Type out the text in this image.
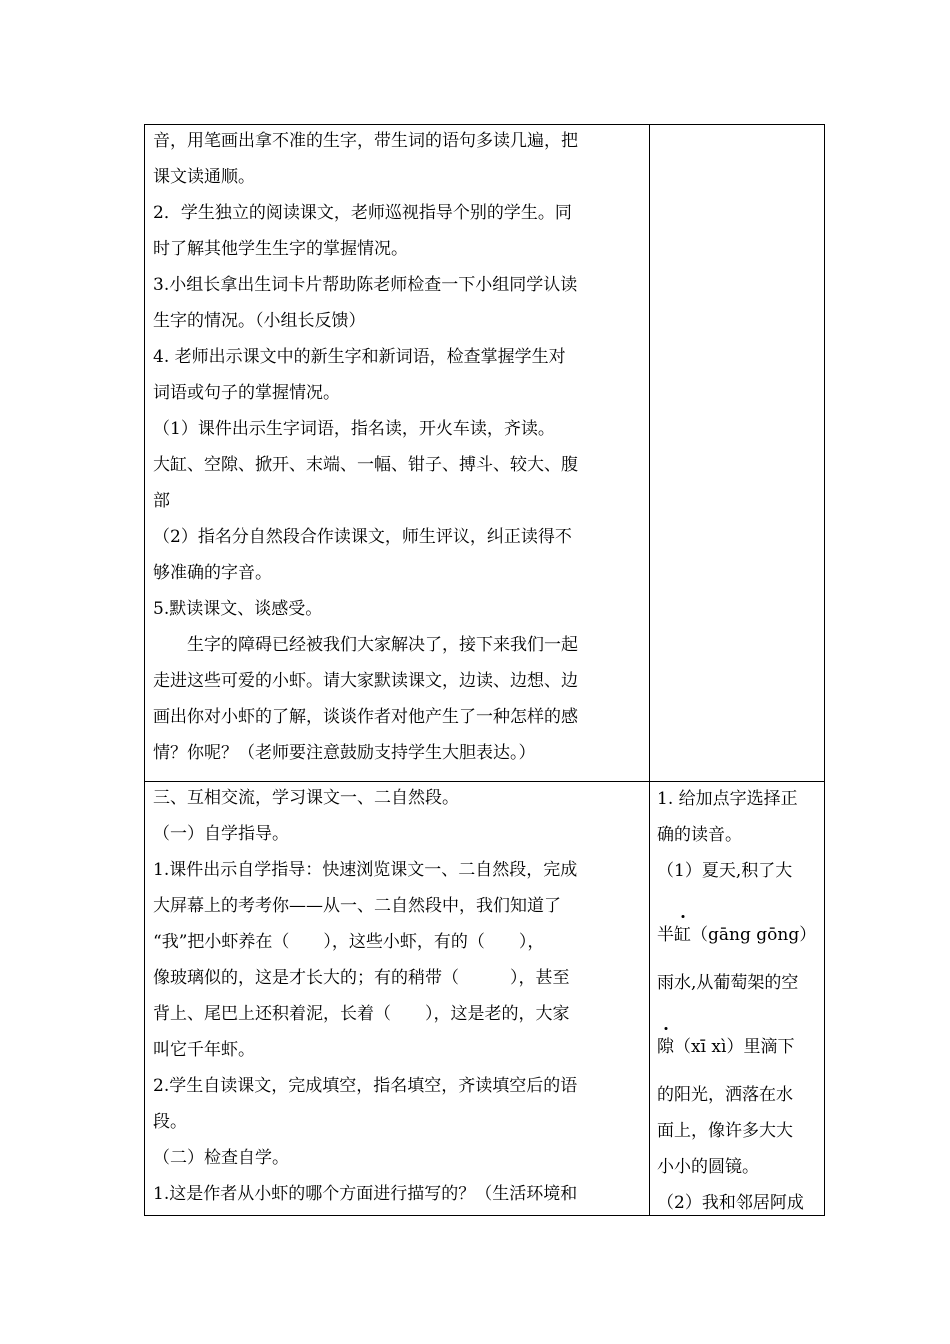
音，用笔画出拿不准的生字，带生词的语句多读几遍，把
课文读通顺。
2．学生独立的阅读课文，老师巡视指导个别的学生。同
时了解其他学生生字的掌握情况。
3.小组长拿出生词卡片帮助陈老师检查一下小组同学认读
生字的情况。（小组长反馈）
4. 老师出示课文中的新生字和新词语，检查掌握学生对
词语或句子的掌握情况。
（1）课件出示生字词语，指名读，开火车读，齐读。
大缸、空隙、掀开、末端、一幅、钳子、搏斗、较大、腹
部
（2）指名分自然段合作读课文，师生评议，纠正读得不
够准确的字音。
5.默读课文、谈感受。
　　生字的障碍已经被我们大家解决了，接下来我们一起
走进这些可爱的小虾。请大家默读课文，边读、边想、边
画出你对小虾的了解，谈谈作者对他产生了一种怎样的感
情？你呢？（老师要注意鼓励支持学生大胆表达。）
三、互相交流，学习课文一、二自然段。
（一）自学指导。
1.课件出示自学指导：快速浏览课文一、二自然段，完成
大屏幕上的考考你——从一、二自然段中，我们知道了
“我”把小虾养在（　　），这些小虾，有的（　　），
像玻璃似的，这是才长大的；有的稍带（　　　），甚至
背上、尾巴上还积着泥，长着（　　），这是老的，大家
叫它千年虾。
2.学生自读课文，完成填空，指名填空，齐读填空后的语
段。
（二）检查自学。
1.这是作者从小虾的哪个方面进行描写的？（生活环境和
1. 给加点字选择正
确的读音。
（1）夏天,积了大
半缸（gāng gōng）
雨水,从葡萄架的空
隙（xī xì）里滴下
的阳光，洒落在水
面上，像许多大大
小小的圆镜。
（2）我和邻居阿成
